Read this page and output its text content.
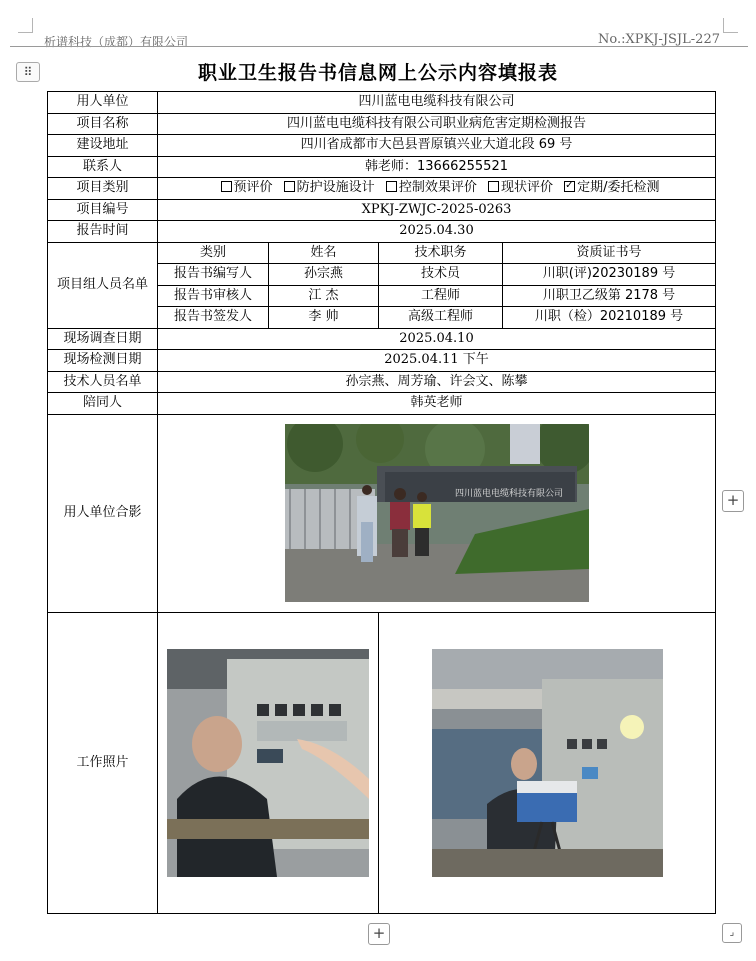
析谱科技（成都）有限公司	No.:XPKJ-JSJL-227
⠿	职业卫生报告书信息网上公示内容填报表
用人单位	四川蓝电电缆科技有限公司			
项目名称	四川蓝电电缆科技有限公司职业病危害定期检测报告			
建设地址	四川省成都市大邑县晋原镇兴业大道北段 69 号			
联系人	韩老师：13666255521			
项目类别	预评价 防护设施设计 控制效果评价 现状评价 ✓ 定期/委托检测
项目编号	XPKJ-ZWJC-2025-0263			
报告时间	2025.04.30			
项目组人员名单	类别	姓名	技术职务	资质证书号
	报告书编写人	孙宗燕	技术员	川职(评)20230189 号
	报告书审核人	江 杰	工程师	川职卫乙级第 2178 号
	报告书签发人	李 帅	高级工程师	川职（检）20210189 号
现场调查日期	2025.04.10			
现场检测日期	2025.04.11 下午			
技术人员名单	孙宗燕、周芳瑜、许会文、陈攀			
陪同人	韩英老师			
用人单位合影	四川蓝电电缆科技有限公司			

工作照片	

+
+	⌟
